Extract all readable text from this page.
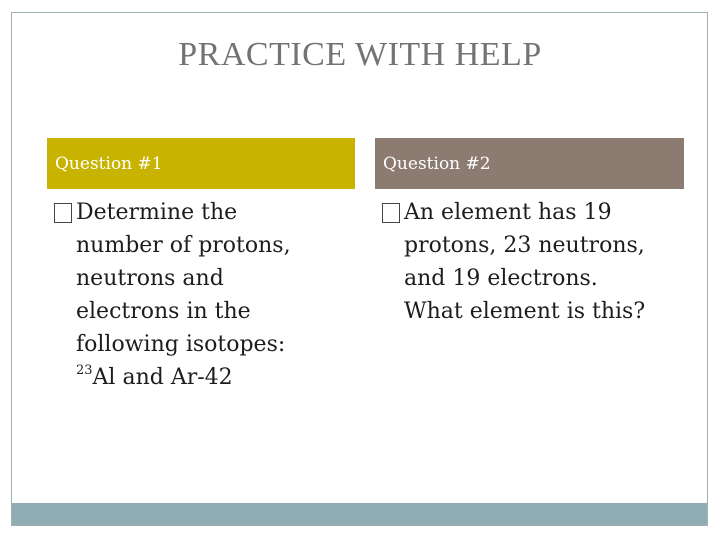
PRACTICE WITH HELP
Question #1	Question #2
Determine the
number of protons,
neutrons and
electrons in the
following isotopes:
$^{23}$Al and Ar-42
An element has 19
protons, 23 neutrons,
and 19 electrons.
What element is this?
